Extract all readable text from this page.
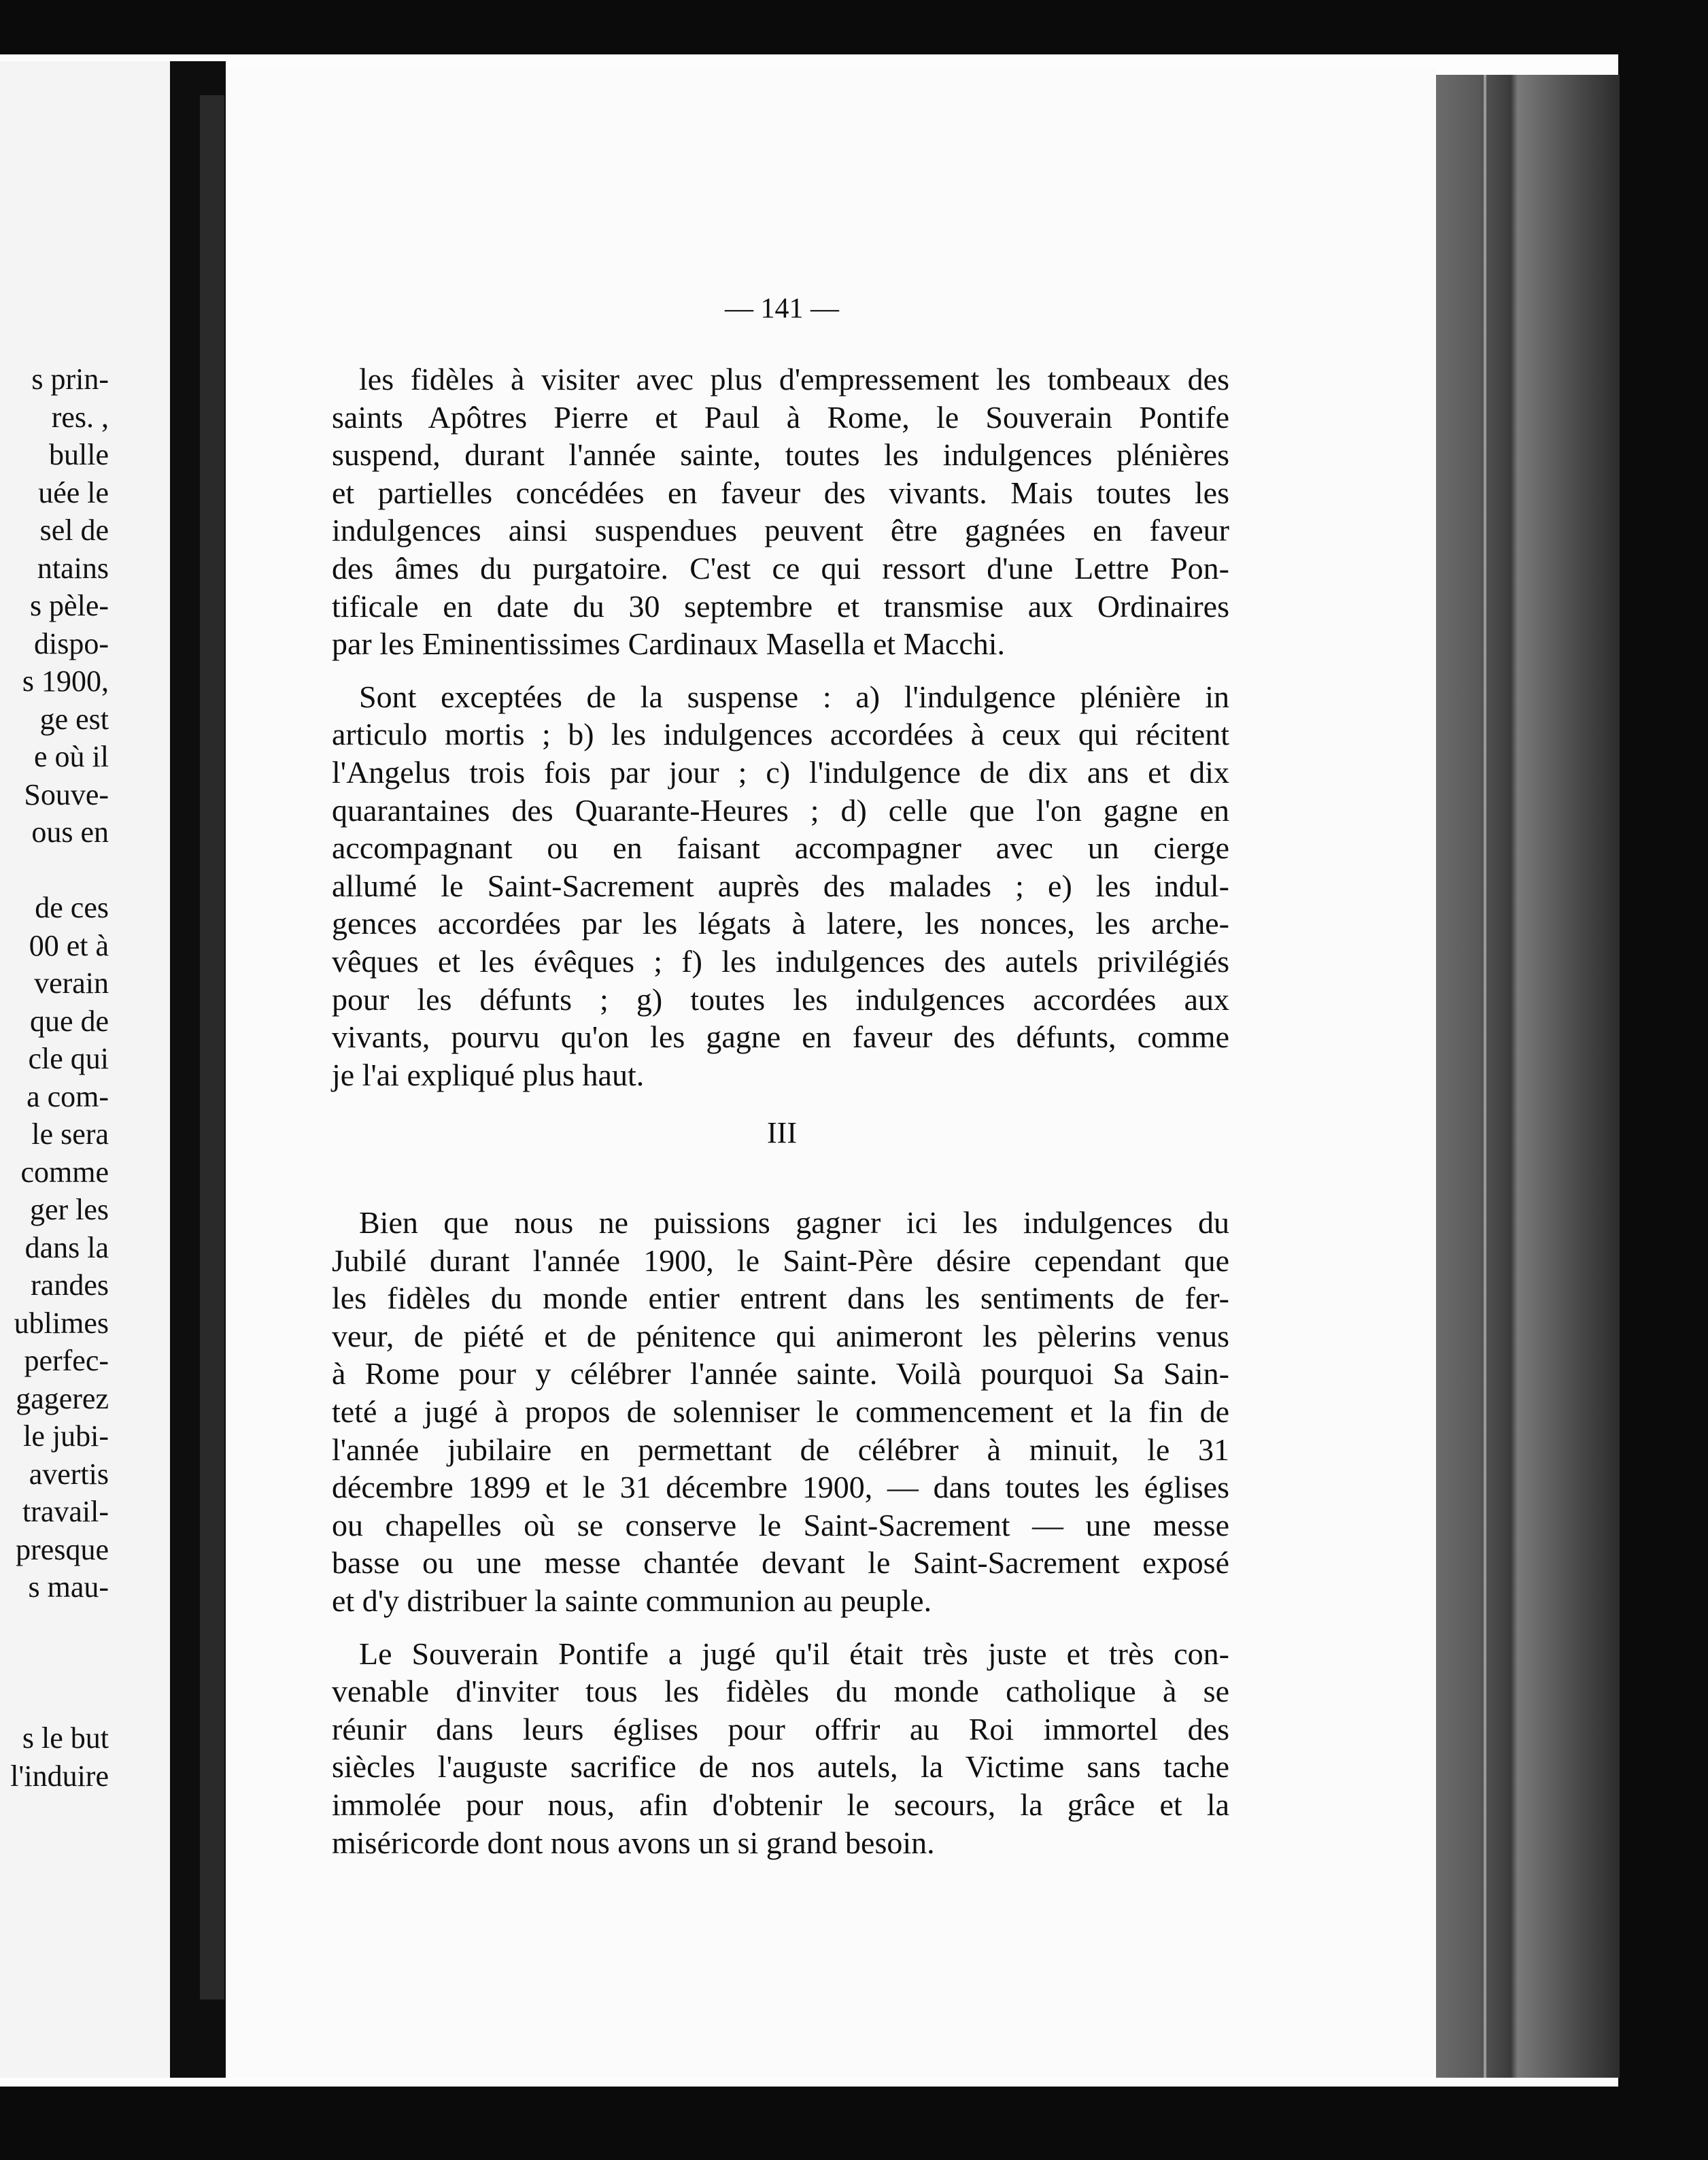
s prin-
res. ,
bulle
uée le
sel de
ntains
s pèle-
dispo-
s 1900,
ge est
e où il
Souve-
ous en
de ces
00 et à
verain
que de
cle qui
a com-
le sera
comme
ger les
dans la
randes
ublimes
perfec-
gagerez
le jubi-
avertis
travail-
presque
s mau-
s le but
l'induire
— 141 —
les fidèles à visiter avec plus d'empressement les tombeaux des
saints Apôtres Pierre et Paul à Rome, le Souverain Pontife
suspend, durant l'année sainte, toutes les indulgences plénières
et partielles concédées en faveur des vivants. Mais toutes les
indulgences ainsi suspendues peuvent être gagnées en faveur
des âmes du purgatoire. C'est ce qui ressort d'une Lettre Pon-
tificale en date du 30 septembre et transmise aux Ordinaires
par les Eminentissimes Cardinaux Masella et Macchi.
Sont exceptées de la suspense : a) l'indulgence plénière in
articulo mortis ; b) les indulgences accordées à ceux qui récitent
l'Angelus trois fois par jour ; c) l'indulgence de dix ans et dix
quarantaines des Quarante-Heures ; d) celle que l'on gagne en
accompagnant ou en faisant accompagner avec un cierge
allumé le Saint-Sacrement auprès des malades ; e) les indul-
gences accordées par les légats à latere, les nonces, les arche-
vêques et les évêques ; f) les indulgences des autels privilégiés
pour les défunts ; g) toutes les indulgences accordées aux
vivants, pourvu qu'on les gagne en faveur des défunts, comme
je l'ai expliqué plus haut.
III
Bien que nous ne puissions gagner ici les indulgences du
Jubilé durant l'année 1900, le Saint-Père désire cependant que
les fidèles du monde entier entrent dans les sentiments de fer-
veur, de piété et de pénitence qui animeront les pèlerins venus
à Rome pour y célébrer l'année sainte. Voilà pourquoi Sa Sain-
teté a jugé à propos de solenniser le commencement et la fin de
l'année jubilaire en permettant de célébrer à minuit, le 31
décembre 1899 et le 31 décembre 1900, — dans toutes les églises
ou chapelles où se conserve le Saint-Sacrement — une messe
basse ou une messe chantée devant le Saint-Sacrement exposé
et d'y distribuer la sainte communion au peuple.
Le Souverain Pontife a jugé qu'il était très juste et très con-
venable d'inviter tous les fidèles du monde catholique à se
réunir dans leurs églises pour offrir au Roi immortel des
siècles l'auguste sacrifice de nos autels, la Victime sans tache
immolée pour nous, afin d'obtenir le secours, la grâce et la
miséricorde dont nous avons un si grand besoin.
